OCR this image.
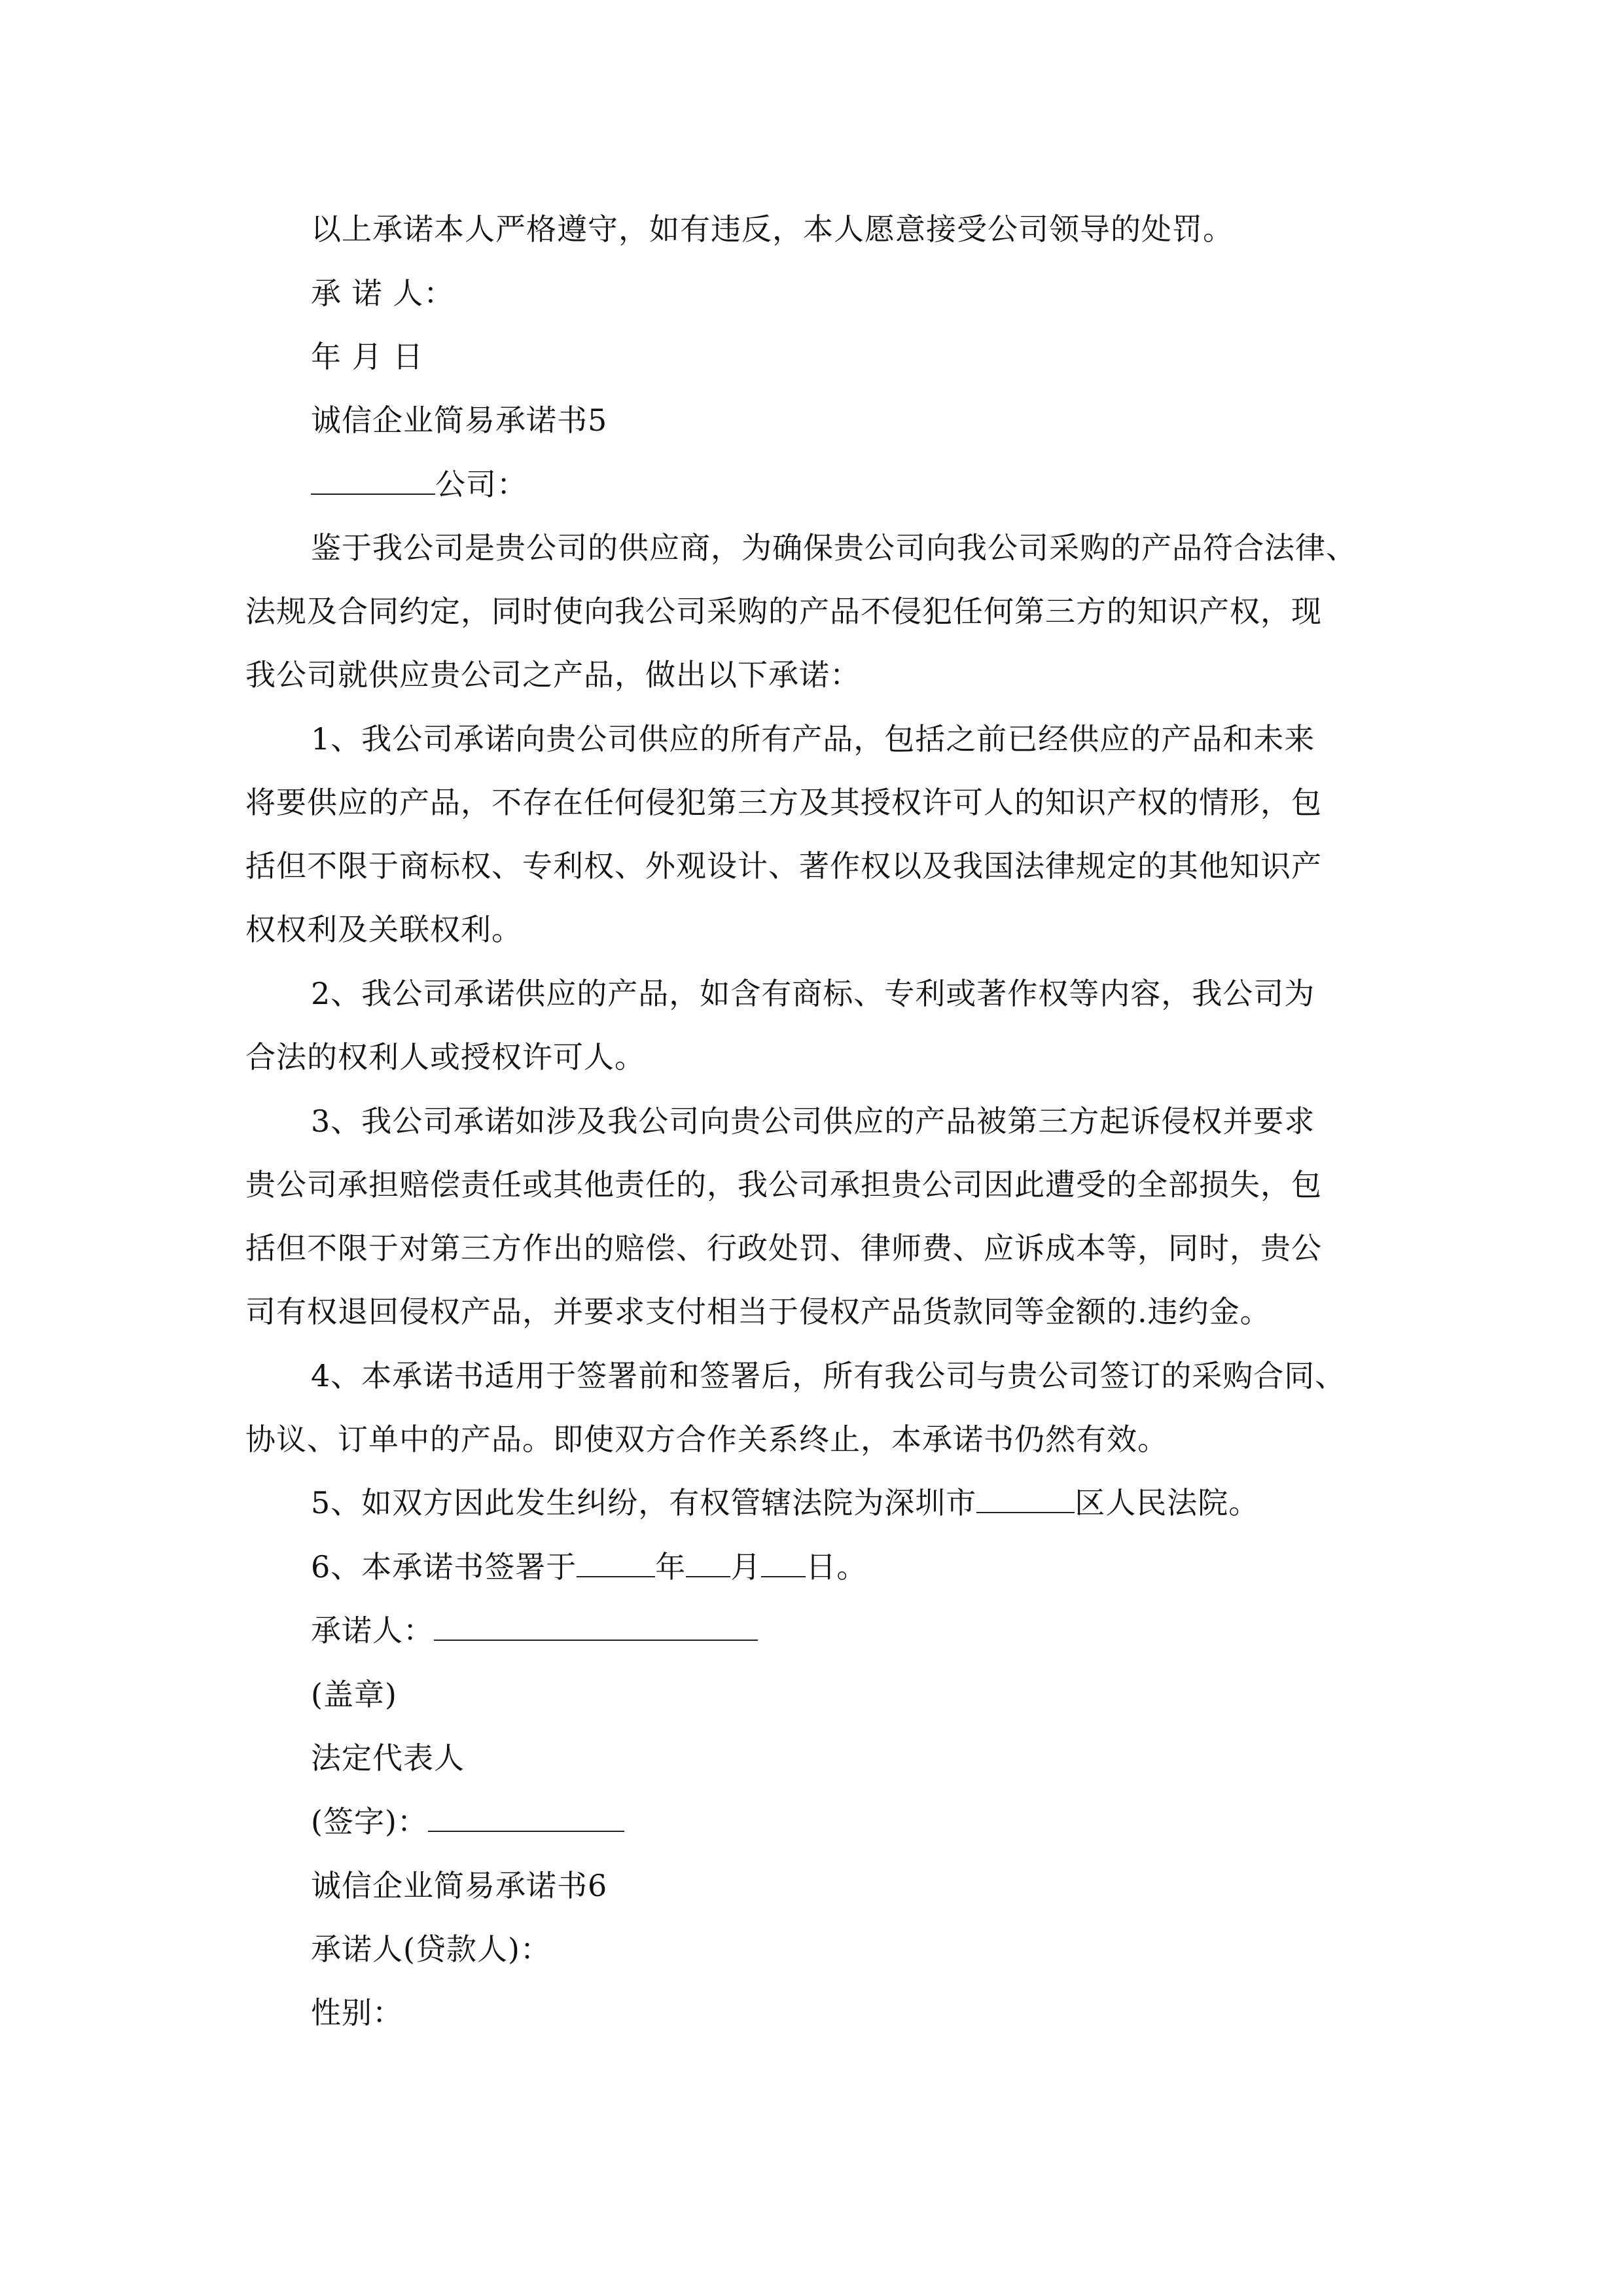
以上承诺本人严格遵守，如有违反，本人愿意接受公司领导的处罚。
承 诺 人：
年 月 日
诚信企业简易承诺书5
公司：
鉴于我公司是贵公司的供应商，为确保贵公司向我公司采购的产品符合法律、
法规及合同约定，同时使向我公司采购的产品不侵犯任何第三方的知识产权，现
我公司就供应贵公司之产品，做出以下承诺：
1、我公司承诺向贵公司供应的所有产品，包括之前已经供应的产品和未来
将要供应的产品，不存在任何侵犯第三方及其授权许可人的知识产权的情形，包
括但不限于商标权、专利权、外观设计、著作权以及我国法律规定的其他知识产
权权利及关联权利。
2、我公司承诺供应的产品，如含有商标、专利或著作权等内容，我公司为
合法的权利人或授权许可人。
3、我公司承诺如涉及我公司向贵公司供应的产品被第三方起诉侵权并要求
贵公司承担赔偿责任或其他责任的，我公司承担贵公司因此遭受的全部损失，包
括但不限于对第三方作出的赔偿、行政处罚、律师费、应诉成本等，同时，贵公
司有权退回侵权产品，并要求支付相当于侵权产品货款同等金额的.违约金。
4、本承诺书适用于签署前和签署后，所有我公司与贵公司签订的采购合同、
协议、订单中的产品。即使双方合作关系终止，本承诺书仍然有效。
5、如双方因此发生纠纷，有权管辖法院为深圳市	区人民法院。
6、本承诺书签署于	年 月 日。
承诺人：
(盖章)
法定代表人
(签字)：
诚信企业简易承诺书6
承诺人(贷款人)：
性别：
